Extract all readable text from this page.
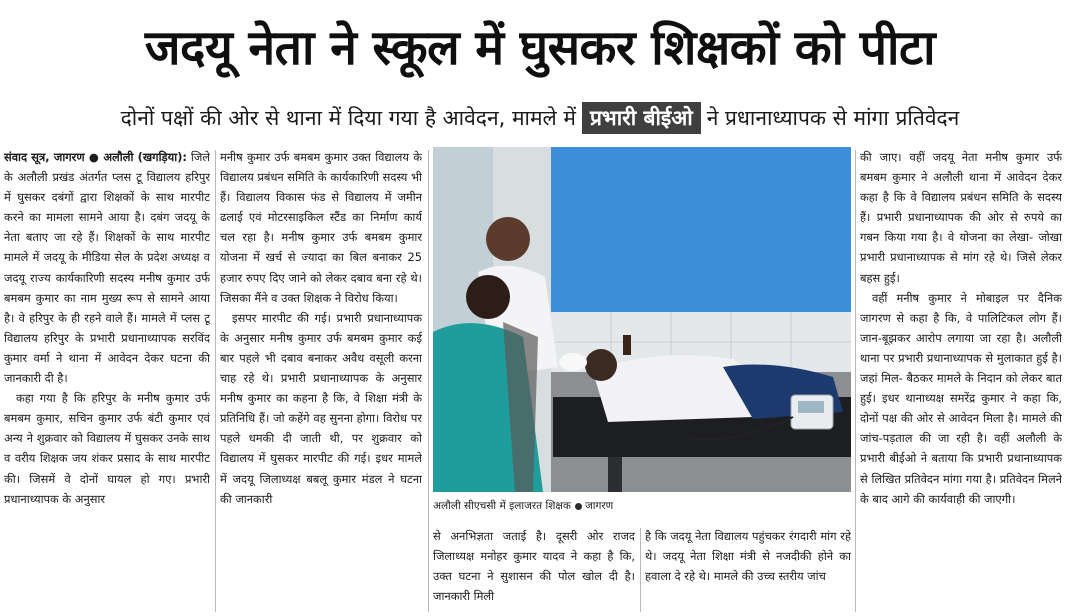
जदयू नेता ने स्कूल में घुसकर शिक्षकों को पीटा
दोनों पक्षों की ओर से थाना में दिया गया है आवेदन, मामले में प्रभारी बीईओ ने प्रधानाध्यापक से मांगा प्रतिवेदन

संवाद सूत्र, जागरण ● अलौली (खगड़िया): जिले के अलौली प्रखंड अंतर्गत प्लस टू विद्यालय हरिपुर में घुसकर दबंगों द्वारा शिक्षकों के साथ मारपीट करने का मामला सामने आया है। दबंग जदयू के नेता बताए जा रहे हैं। शिक्षकों के साथ मारपीट मामले में जदयू के मीडिया सेल के प्रदेश अध्यक्ष व जदयू राज्य कार्यकारिणी सदस्य मनीष कुमार उर्फ बमबम कुमार का नाम मुख्य रूप से सामने आया है। वे हरिपुर के ही रहने वाले हैं। मामले में प्लस टू विद्यालय हरिपुर के प्रभारी प्रधानाध्यापक सरविंद कुमार वर्मा ने थाना में आवेदन देकर घटना की जानकारी दी है।

कहा गया है कि हरिपुर के मनीष कुमार उर्फ बमबम कुमार, सचिन कुमार उर्फ बंटी कुमार एवं अन्य ने शुक्रवार को विद्यालय में घुसकर उनके साथ व वरीय शिक्षक जय शंकर प्रसाद के साथ मारपीट की। जिसमें वे दोनों घायल हो गए। प्रभारी प्रधानाध्यापक के अनुसार

मनीष कुमार उर्फ बमबम कुमार उक्त विद्यालय के विद्यालय प्रबंधन समिति के कार्यकारिणी सदस्य भी हैं। विद्यालय विकास फंड से विद्यालय में जमीन ढलाई एवं मोटरसाइकिल स्टैंड का निर्माण कार्य चल रहा है। मनीष कुमार उर्फ बमबम कुमार योजना में खर्च से ज्यादा का बिल बनाकर 25 हजार रुपए दिए जाने को लेकर दबाव बना रहे थे। जिसका मैंने व उक्त शिक्षक ने विरोध किया।

इसपर मारपीट की गई। प्रभारी प्रधानाध्यापक के अनुसार मनीष कुमार उर्फ बमबम कुमार कई बार पहले भी दबाव बनाकर अवैध वसूली करना चाह रहे थे। प्रभारी प्रधानाध्यापक के अनुसार मनीष कुमार का कहना है कि, वे शिक्षा मंत्री के प्रतिनिधि हैं। जो कहेंगे वह सुनना होगा। विरोध पर पहले धमकी दी जाती थी, पर शुक्रवार को विद्यालय में घुसकर मारपीट की गई। इधर मामले में जदयू जिलाध्यक्ष बबलू कुमार मंडल ने घटना की जानकारी

अलौली सीएचसी में इलाजरत शिक्षक जागरण
से अनभिज्ञता जताई है। दूसरी ओर राजद जिलाध्यक्ष मनोहर कुमार यादव ने कहा है कि, उक्त घटना ने सुशासन की पोल खोल दी है। जानकारी मिली
है कि जदयू नेता विद्यालय पहुंचकर रंगदारी मांग रहे थे। जदयू नेता शिक्षा मंत्री से नजदीकी होने का हवाला दे रहे थे। मामले की उच्च स्तरीय जांच

की जाए। वहीं जदयू नेता मनीष कुमार उर्फ बमबम कुमार ने अलौली थाना में आवेदन देकर कहा है कि वे विद्यालय प्रबंधन समिति के सदस्य हैं। प्रभारी प्रधानाध्यापक की ओर से रुपये का गबन किया गया है। वे योजना का लेखा- जोखा प्रभारी प्रधानाध्यापक से मांग रहे थे। जिसे लेकर बहस हुई।

वहीं मनीष कुमार ने मोबाइल पर दैनिक जागरण से कहा है कि, वे पालिटिकल लोग हैं। जान-बूझकर आरोप लगाया जा रहा है। अलौली थाना पर प्रभारी प्रधानाध्यापक से मुलाकात हुई है। जहां मिल- बैठकर मामले के निदान को लेकर बात हुई। इधर थानाध्यक्ष समरेंद्र कुमार ने कहा कि, दोनों पक्ष की ओर से आवेदन मिला है। मामले की जांच-पड़ताल की जा रही है। वहीं अलौली के प्रभारी बीईओ ने बताया कि प्रभारी प्रधानाध्यापक से लिखित प्रतिवेदन मांगा गया है। प्रतिवेदन मिलने के बाद आगे की कार्यवाही की जाएगी।
